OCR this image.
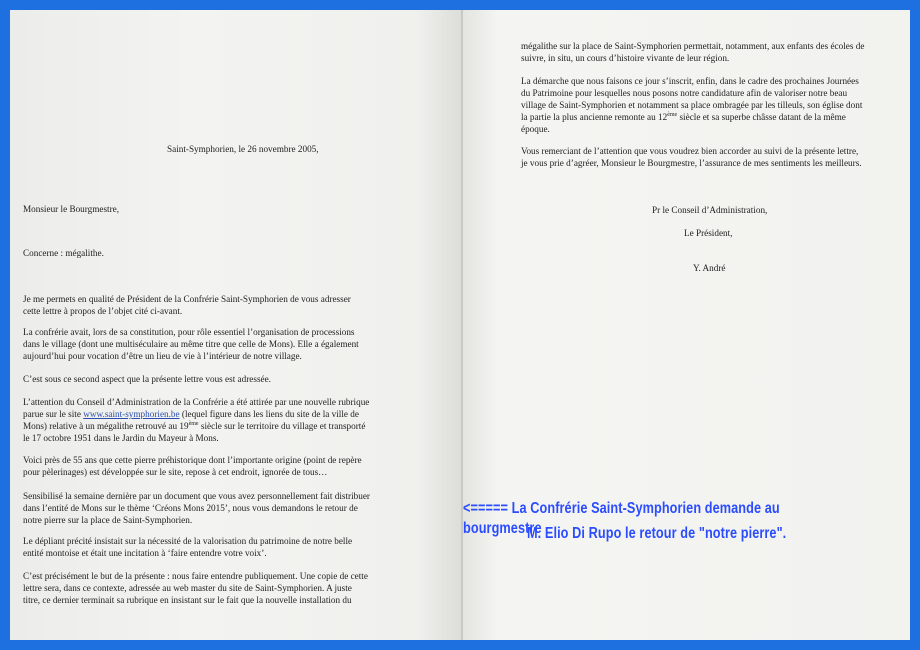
Saint-Symphorien, le 26 novembre 2005,
Monsieur le Bourgmestre,
Concerne : mégalithe.
Je me permets en qualité de Président de la Confrérie Saint-Symphorien de vous adresser
cette lettre à propos de l’objet cité ci-avant.
La confrérie avait, lors de sa constitution, pour rôle essentiel l’organisation de processions
dans le village (dont une multiséculaire au même titre que celle de Mons). Elle a également
aujourd’hui pour vocation d’être un lieu de vie à l’intérieur de notre village.
C’est sous ce second aspect que la présente lettre vous est adressée.
L’attention du Conseil d’Administration de la Confrérie a été attirée par une nouvelle rubrique
parue sur le site www.saint-symphorien.be (lequel figure dans les liens du site de la ville de
Mons) relative à un mégalithe retrouvé au 19ème siècle sur le territoire du village et transporté
le 17 octobre 1951 dans le Jardin du Mayeur à Mons.
Voici près de 55 ans que cette pierre préhistorique dont l’importante origine (point de repère
pour pèlerinages) est développée sur le site, repose à cet endroit, ignorée de tous…
Sensibilisé la semaine dernière par un document que vous avez personnellement fait distribuer
dans l’entité de Mons sur le thème ‘Créons Mons 2015’, nous vous demandons le retour de
notre pierre sur la place de Saint-Symphorien.
Le dépliant précité insistait sur la nécessité de la valorisation du patrimoine de notre belle
entité montoise et était une incitation à ‘faire entendre votre voix’.
C’est précisément le but de la présente : nous faire entendre publiquement. Une copie de cette
lettre sera, dans ce contexte, adressée au web master du site de Saint-Symphorien. A juste
titre, ce dernier terminait sa rubrique en insistant sur le fait que la nouvelle installation du
mégalithe sur la place de Saint-Symphorien permettait, notamment, aux enfants des écoles de
suivre, in situ, un cours d’histoire vivante de leur région.
La démarche que nous faisons ce jour s’inscrit, enfin, dans le cadre des prochaines Journées
du Patrimoine pour lesquelles nous posons notre candidature afin de valoriser notre beau
village de Saint-Symphorien et notamment sa place ombragée par les tilleuls, son église dont
la partie la plus ancienne remonte au 12ème siècle et sa superbe châsse datant de la même
époque.
Vous remerciant de l’attention que vous voudrez bien accorder au suivi de la présente lettre,
je vous prie d’agréer, Monsieur le Bourgmestre, l’assurance de mes sentiments les meilleurs.
Pr le Conseil d’Administration,
Le Président,
Y. André
<===== La Confrérie Saint-Symphorien demande au bourgmestre
M. Elio Di Rupo le retour de "notre pierre".
